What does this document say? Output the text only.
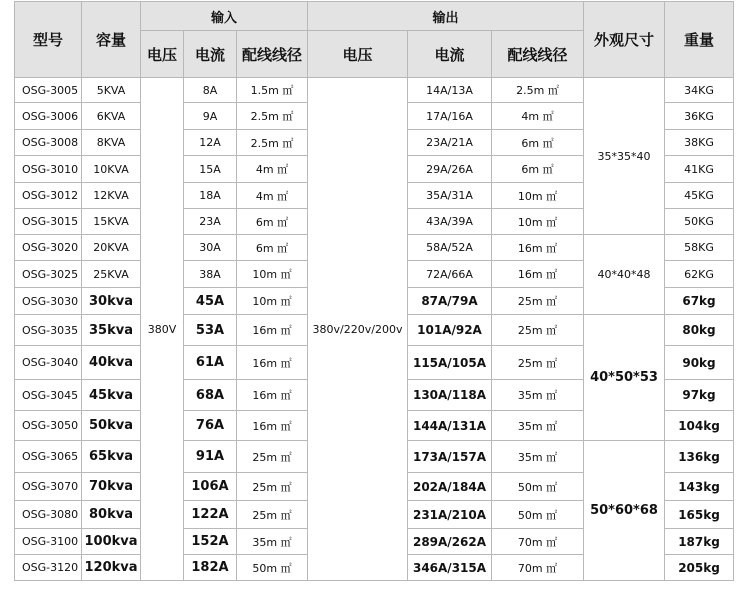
型号	容量	输入			输出			外观尺寸	重量
		电压	电流	配线线径	电压	电流	配线线径		
OSG-3005	5KVA	380V	8A	1.5m ㎡	380v/220v/200v	14A/13A	2.5m ㎡	35*35*40	34KG
OSG-3006	6KVA		9A	2.5m ㎡		17A/16A	4m ㎡		36KG
OSG-3008	8KVA		12A	2.5m ㎡		23A/21A	6m ㎡		38KG
OSG-3010	10KVA		15A	4m ㎡		29A/26A	6m ㎡		41KG
OSG-3012	12KVA		18A	4m ㎡		35A/31A	10m ㎡		45KG
OSG-3015	15KVA		23A	6m ㎡		43A/39A	10m ㎡		50KG
OSG-3020	20KVA		30A	6m ㎡		58A/52A	16m ㎡	40*40*48	58KG
OSG-3025	25KVA		38A	10m ㎡		72A/66A	16m ㎡		62KG
OSG-3030	30kva		45A	10m ㎡		87A/79A	25m ㎡		67kg
OSG-3035	35kva		53A	16m ㎡		101A/92A	25m ㎡	40*50*53	80kg
OSG-3040	40kva		61A	16m ㎡		115A/105A	25m ㎡		90kg
OSG-3045	45kva		68A	16m ㎡		130A/118A	35m ㎡		97kg
OSG-3050	50kva		76A	16m ㎡		144A/131A	35m ㎡		104kg
OSG-3065	65kva		91A	25m ㎡		173A/157A	35m ㎡	50*60*68	136kg
OSG-3070	70kva		106A	25m ㎡		202A/184A	50m ㎡		143kg
OSG-3080	80kva		122A	25m ㎡		231A/210A	50m ㎡		165kg
OSG-3100	100kva		152A	35m ㎡		289A/262A	70m ㎡		187kg
OSG-3120	120kva		182A	50m ㎡		346A/315A	70m ㎡		205kg
